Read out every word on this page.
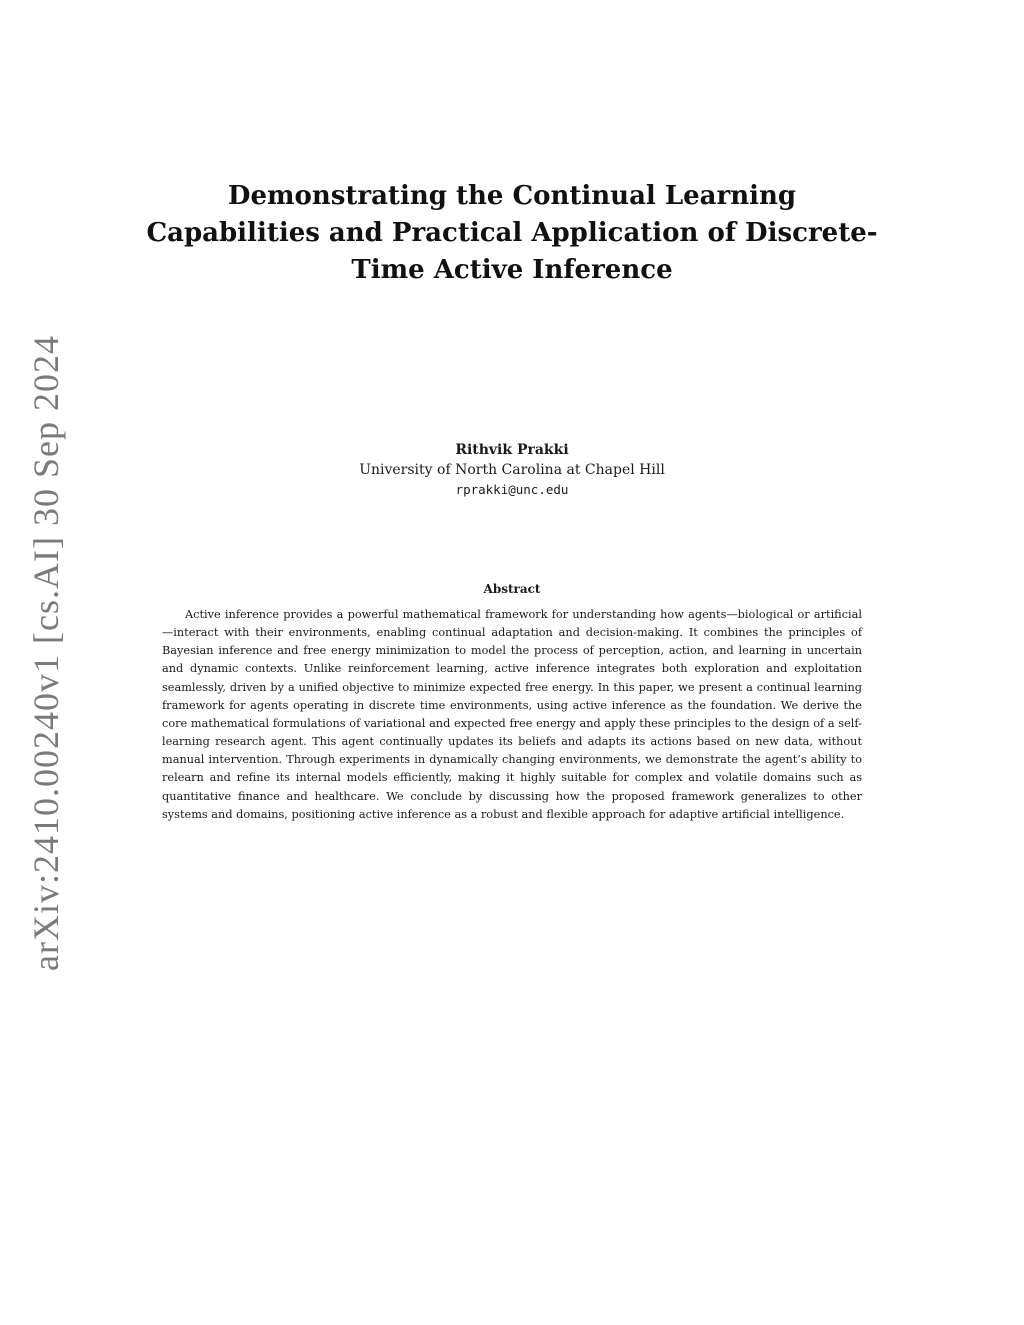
arXiv:2410.00240v1 [cs.AI] 30 Sep 2024
Demonstrating the Continual Learning Capabilities and Practical Application of Discrete-Time Active Inference
Rithvik Prakki
University of North Carolina at Chapel Hill
rprakki@unc.edu
Abstract

Active inference provides a powerful mathematical framework for understanding how agents—biological or artificial—interact with their environments, enabling continual adaptation and decision-making. It combines the principles of Bayesian inference and free energy minimization to model the process of perception, action, and learning in uncertain and dynamic contexts. Unlike reinforcement learning, active inference integrates both exploration and exploitation seamlessly, driven by a unified objective to minimize expected free energy. In this paper, we present a continual learning framework for agents operating in discrete time environments, using active inference as the foundation. We derive the core mathematical formulations of variational and expected free energy and apply these principles to the design of a self-learning research agent. This agent continually updates its beliefs and adapts its actions based on new data, without manual intervention. Through experiments in dynamically changing environments, we demonstrate the agent’s ability to relearn and refine its internal models efficiently, making it highly suitable for complex and volatile domains such as quantitative finance and healthcare. We conclude by discussing how the proposed framework generalizes to other systems and domains, positioning active inference as a robust and flexible approach for adaptive artificial intelligence.
